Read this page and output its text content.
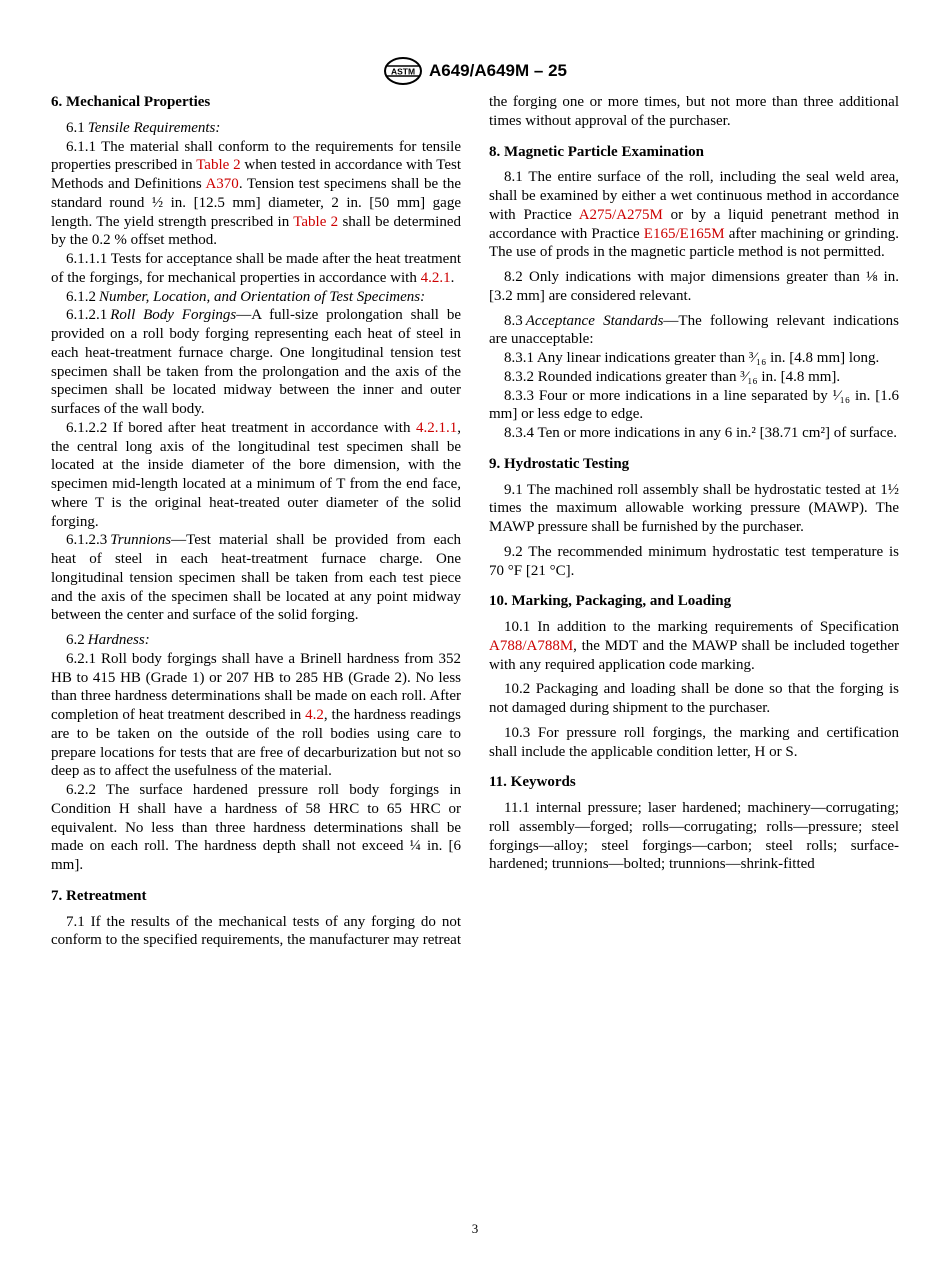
ASTM A649/A649M – 25
6. Mechanical Properties

6.1 Tensile Requirements:

6.1.1 The material shall conform to the requirements for tensile properties prescribed in Table 2 when tested in accordance with Test Methods and Definitions A370. Tension test specimens shall be the standard round ½ in. [12.5 mm] diameter, 2 in. [50 mm] gage length. The yield strength prescribed in Table 2 shall be determined by the 0.2 % offset method.

6.1.1.1 Tests for acceptance shall be made after the heat treatment of the forgings, for mechanical properties in accordance with 4.2.1.

6.1.2 Number, Location, and Orientation of Test Specimens:

6.1.2.1 Roll Body Forgings—A full-size prolongation shall be provided on a roll body forging representing each heat of steel in each heat-treatment furnace charge. One longitudinal tension test specimen shall be taken from the prolongation and the axis of the specimen shall be located midway between the inner and outer surfaces of the wall body.

6.1.2.2 If bored after heat treatment in accordance with 4.2.1.1, the central long axis of the longitudinal test specimen shall be located at the inside diameter of the bore dimension, with the specimen mid-length located at a minimum of T from the end face, where T is the original heat-treated outer diameter of the solid forging.

6.1.2.3 Trunnions—Test material shall be provided from each heat of steel in each heat-treatment furnace charge. One longitudinal tension specimen shall be taken from each test piece and the axis of the specimen shall be located at any point midway between the center and surface of the solid forging.

6.2 Hardness:

6.2.1 Roll body forgings shall have a Brinell hardness from 352 HB to 415 HB (Grade 1) or 207 HB to 285 HB (Grade 2). No less than three hardness determinations shall be made on each roll. After completion of heat treatment described in 4.2, the hardness readings are to be taken on the outside of the roll bodies using care to prepare locations for tests that are free of decarburization but not so deep as to affect the usefulness of the material.

6.2.2 The surface hardened pressure roll body forgings in Condition H shall have a hardness of 58 HRC to 65 HRC or equivalent. No less than three hardness determinations shall be made on each roll. The hardness depth shall not exceed ¼ in. [6 mm].

7. Retreatment

7.1 If the results of the mechanical tests of any forging do not conform to the specified requirements, the manufacturer may retreat

the forging one or more times, but not more than three additional times without approval of the purchaser.

8. Magnetic Particle Examination

8.1 The entire surface of the roll, including the seal weld area, shall be examined by either a wet continuous method in accordance with Practice A275/A275M or by a liquid penetrant method in accordance with Practice E165/E165M after machining or grinding. The use of prods in the magnetic particle method is not permitted.

8.2 Only indications with major dimensions greater than ⅛ in. [3.2 mm] are considered relevant.

8.3 Acceptance Standards—The following relevant indications are unacceptable:

8.3.1 Any linear indications greater than ³⁄₁₆ in. [4.8 mm] long.

8.3.2 Rounded indications greater than ³⁄₁₆ in. [4.8 mm].

8.3.3 Four or more indications in a line separated by ¹⁄₁₆ in. [1.6 mm] or less edge to edge.

8.3.4 Ten or more indications in any 6 in.² [38.71 cm²] of surface.

9. Hydrostatic Testing

9.1 The machined roll assembly shall be hydrostatic tested at 1½ times the maximum allowable working pressure (MAWP). The MAWP pressure shall be furnished by the purchaser.

9.2 The recommended minimum hydrostatic test temperature is 70 °F [21 °C].

10. Marking, Packaging, and Loading

10.1 In addition to the marking requirements of Specification A788/A788M, the MDT and the MAWP shall be included together with any required application code marking.

10.2 Packaging and loading shall be done so that the forging is not damaged during shipment to the purchaser.

10.3 For pressure roll forgings, the marking and certification shall include the applicable condition letter, H or S.

11. Keywords

11.1 internal pressure; laser hardened; machinery—corrugating; roll assembly—forged; rolls—corrugating; rolls—pressure; steel forgings—alloy; steel forgings—carbon; steel rolls; surface-hardened; trunnions—bolted; trunnions—shrink-fitted

3
